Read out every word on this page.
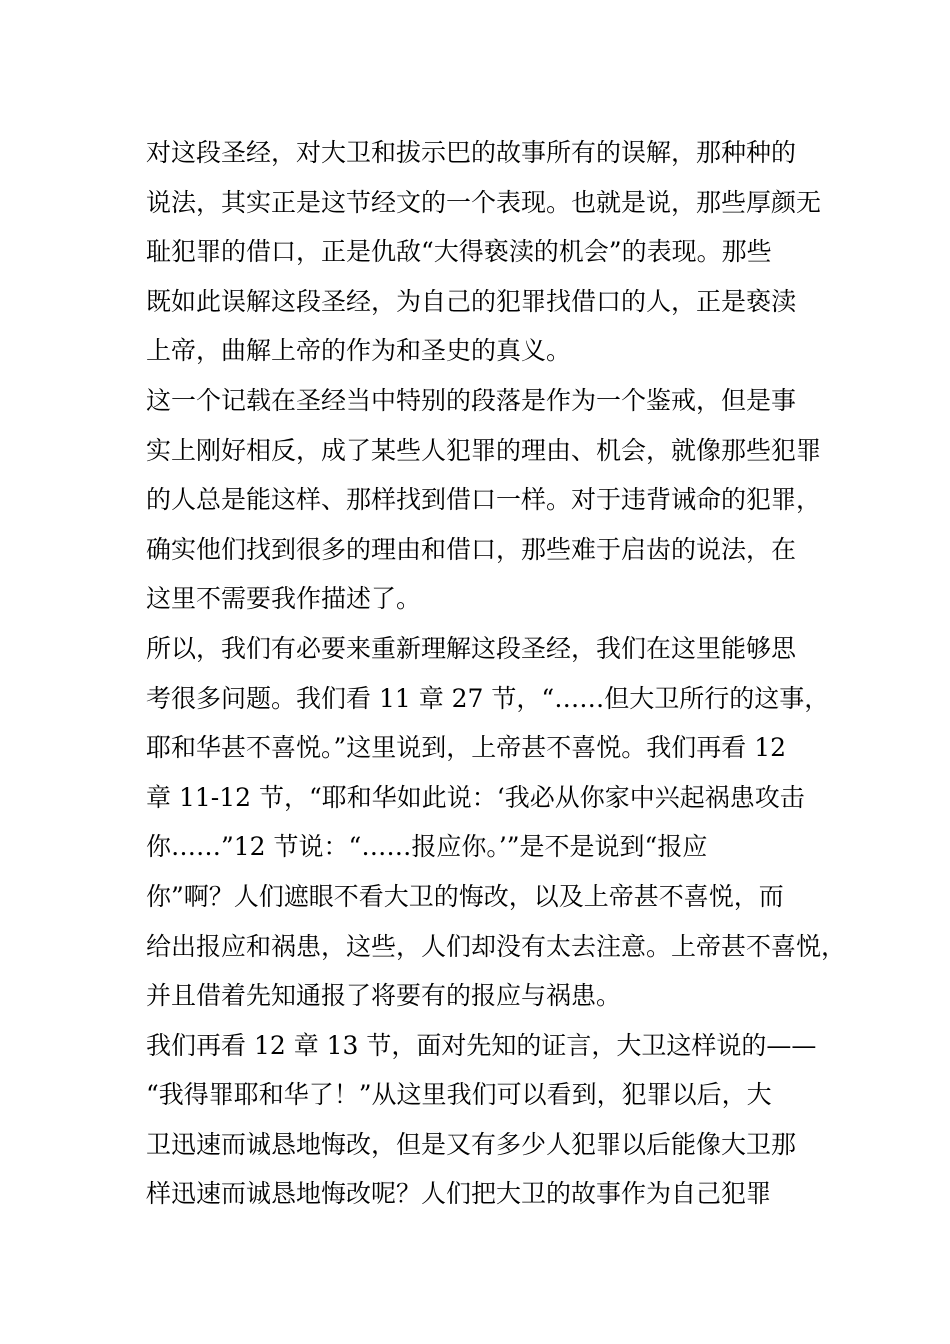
对这段圣经，对大卫和拔示巴的故事所有的误解，那种种的
说法，其实正是这节经文的一个表现。也就是说，那些厚颜无
耻犯罪的借口，正是仇敌“大得亵渎的机会”的表现。那些
既如此误解这段圣经，为自己的犯罪找借口的人，正是亵渎
上帝，曲解上帝的作为和圣史的真义。
这一个记载在圣经当中特别的段落是作为一个鉴戒，但是事
实上刚好相反，成了某些人犯罪的理由、机会，就像那些犯罪
的人总是能这样、那样找到借口一样。对于违背诫命的犯罪，
确实他们找到很多的理由和借口，那些难于启齿的说法，在
这里不需要我作描述了。
所以，我们有必要来重新理解这段圣经，我们在这里能够思
考很多问题。我们看 11 章 27 节，“……但大卫所行的这事，
耶和华甚不喜悦。”这里说到，上帝甚不喜悦。我们再看 12
章 11-12 节，“耶和华如此说：‘我必从你家中兴起祸患攻击
你……”12 节说：“……报应你。’”是不是说到“报应
你”啊？人们遮眼不看大卫的悔改，以及上帝甚不喜悦，而
给出报应和祸患，这些，人们却没有太去注意。上帝甚不喜悦，
并且借着先知通报了将要有的报应与祸患。
我们再看 12 章 13 节，面对先知的证言，大卫这样说的——
“我得罪耶和华了！”从这里我们可以看到，犯罪以后，大
卫迅速而诚恳地悔改，但是又有多少人犯罪以后能像大卫那
样迅速而诚恳地悔改呢？人们把大卫的故事作为自己犯罪
